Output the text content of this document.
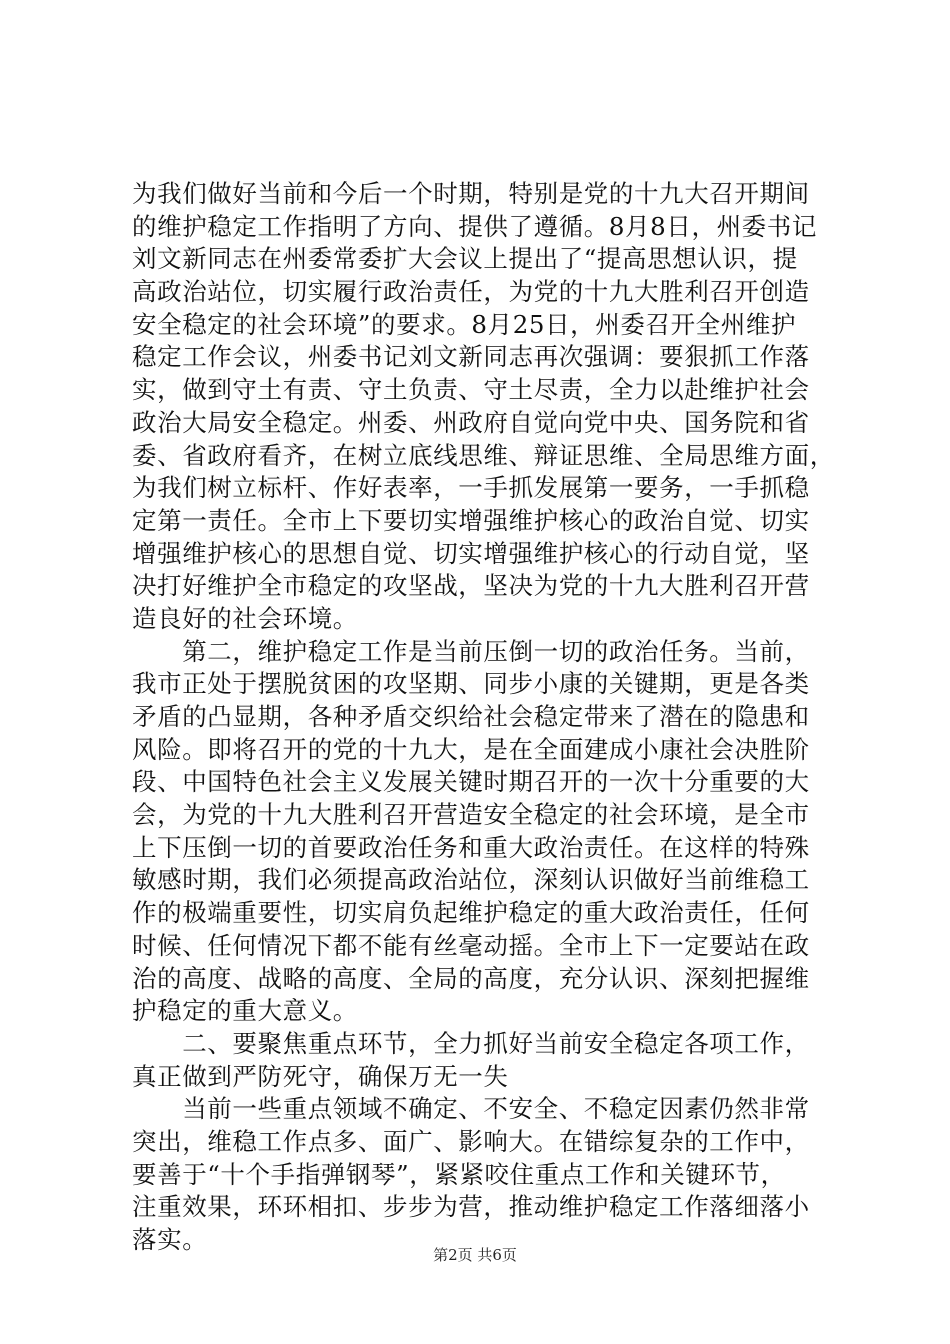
为我们做好当前和今后一个时期，特别是党的十九大召开期间
的维护稳定工作指明了方向、提供了遵循。8月8日，州委书记
刘文新同志在州委常委扩大会议上提出了“提高思想认识，提
高政治站位，切实履行政治责任，为党的十九大胜利召开创造
安全稳定的社会环境”的要求。8月25日，州委召开全州维护
稳定工作会议，州委书记刘文新同志再次强调：要狠抓工作落
实，做到守土有责、守土负责、守土尽责，全力以赴维护社会
政治大局安全稳定。州委、州政府自觉向党中央、国务院和省
委、省政府看齐，在树立底线思维、辩证思维、全局思维方面，
为我们树立标杆、作好表率，一手抓发展第一要务，一手抓稳
定第一责任。全市上下要切实增强维护核心的政治自觉、切实
增强维护核心的思想自觉、切实增强维护核心的行动自觉，坚
决打好维护全市稳定的攻坚战，坚决为党的十九大胜利召开营
造良好的社会环境。
　　第二，维护稳定工作是当前压倒一切的政治任务。当前，
我市正处于摆脱贫困的攻坚期、同步小康的关键期，更是各类
矛盾的凸显期，各种矛盾交织给社会稳定带来了潜在的隐患和
风险。即将召开的党的十九大，是在全面建成小康社会决胜阶
段、中国特色社会主义发展关键时期召开的一次十分重要的大
会，为党的十九大胜利召开营造安全稳定的社会环境，是全市
上下压倒一切的首要政治任务和重大政治责任。在这样的特殊
敏感时期，我们必须提高政治站位，深刻认识做好当前维稳工
作的极端重要性，切实肩负起维护稳定的重大政治责任，任何
时候、任何情况下都不能有丝毫动摇。全市上下一定要站在政
治的高度、战略的高度、全局的高度，充分认识、深刻把握维
护稳定的重大意义。
　　二、要聚焦重点环节，全力抓好当前安全稳定各项工作，
真正做到严防死守，确保万无一失
　　当前一些重点领域不确定、不安全、不稳定因素仍然非常
突出，维稳工作点多、面广、影响大。在错综复杂的工作中，
要善于“十个手指弹钢琴”，紧紧咬住重点工作和关键环节，
注重效果，环环相扣、步步为营，推动维护稳定工作落细落小
落实。
第2页 共6页
